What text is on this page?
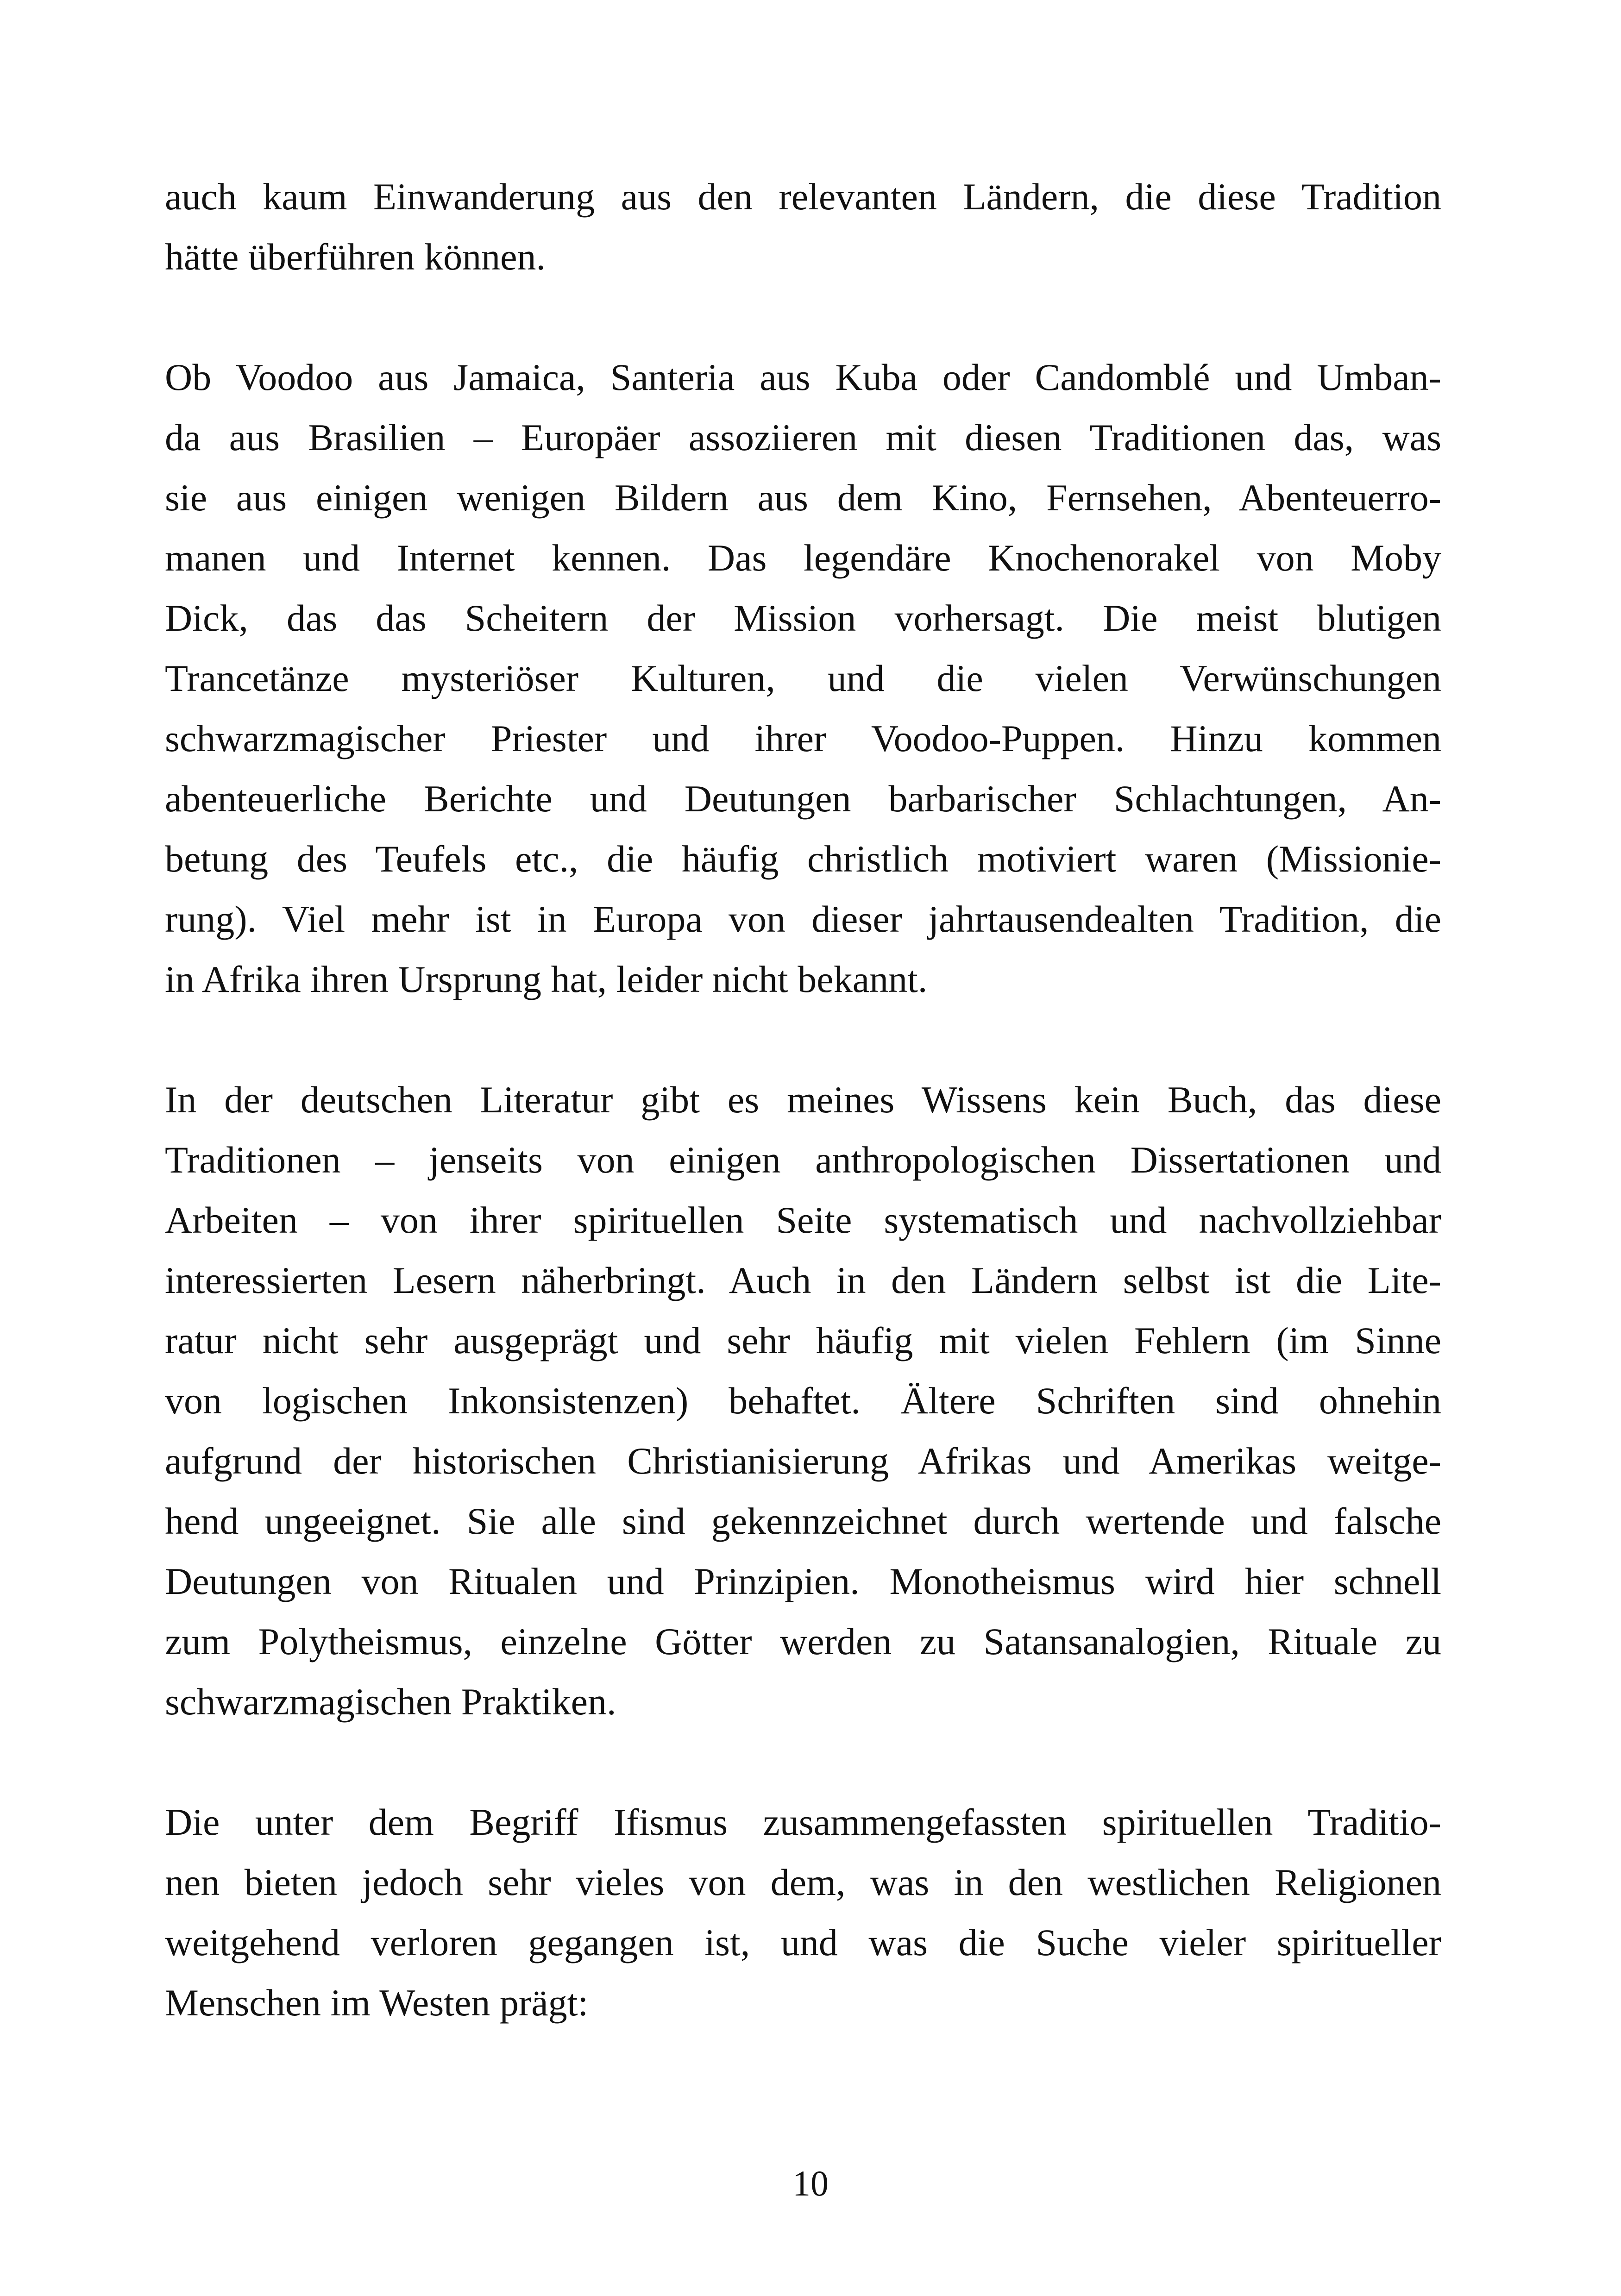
auch kaum Einwanderung aus den relevanten Ländern, die diese Tradition
hätte überführen können.
Ob Voodoo aus Jamaica, Santeria aus Kuba oder Candomblé und Umban-
da aus Brasilien – Europäer assoziieren mit diesen Traditionen das, was
sie aus einigen wenigen Bildern aus dem Kino, Fernsehen, Abenteuerro-
manen und Internet kennen. Das legendäre Knochenorakel von Moby
Dick, das das Scheitern der Mission vorhersagt. Die meist blutigen
Trancetänze mysteriöser Kulturen, und die vielen Verwünschungen
schwarzmagischer Priester und ihrer Voodoo-Puppen. Hinzu kommen
abenteuerliche Berichte und Deutungen barbarischer Schlachtungen, An-
betung des Teufels etc., die häufig christlich motiviert waren (Missionie-
rung). Viel mehr ist in Europa von dieser jahrtausendealten Tradition, die
in Afrika ihren Ursprung hat, leider nicht bekannt.
In der deutschen Literatur gibt es meines Wissens kein Buch, das diese
Traditionen – jenseits von einigen anthropologischen Dissertationen und
Arbeiten – von ihrer spirituellen Seite systematisch und nachvollziehbar
interessierten Lesern näherbringt. Auch in den Ländern selbst ist die Lite-
ratur nicht sehr ausgeprägt und sehr häufig mit vielen Fehlern (im Sinne
von logischen Inkonsistenzen) behaftet. Ältere Schriften sind ohnehin
aufgrund der historischen Christianisierung Afrikas und Amerikas weitge-
hend ungeeignet. Sie alle sind gekennzeichnet durch wertende und falsche
Deutungen von Ritualen und Prinzipien. Monotheismus wird hier schnell
zum Polytheismus, einzelne Götter werden zu Satansanalogien, Rituale zu
schwarzmagischen Praktiken.
Die unter dem Begriff Ifismus zusammengefassten spirituellen Traditio-
nen bieten jedoch sehr vieles von dem, was in den westlichen Religionen
weitgehend verloren gegangen ist, und was die Suche vieler spiritueller
Menschen im Westen prägt:
10
